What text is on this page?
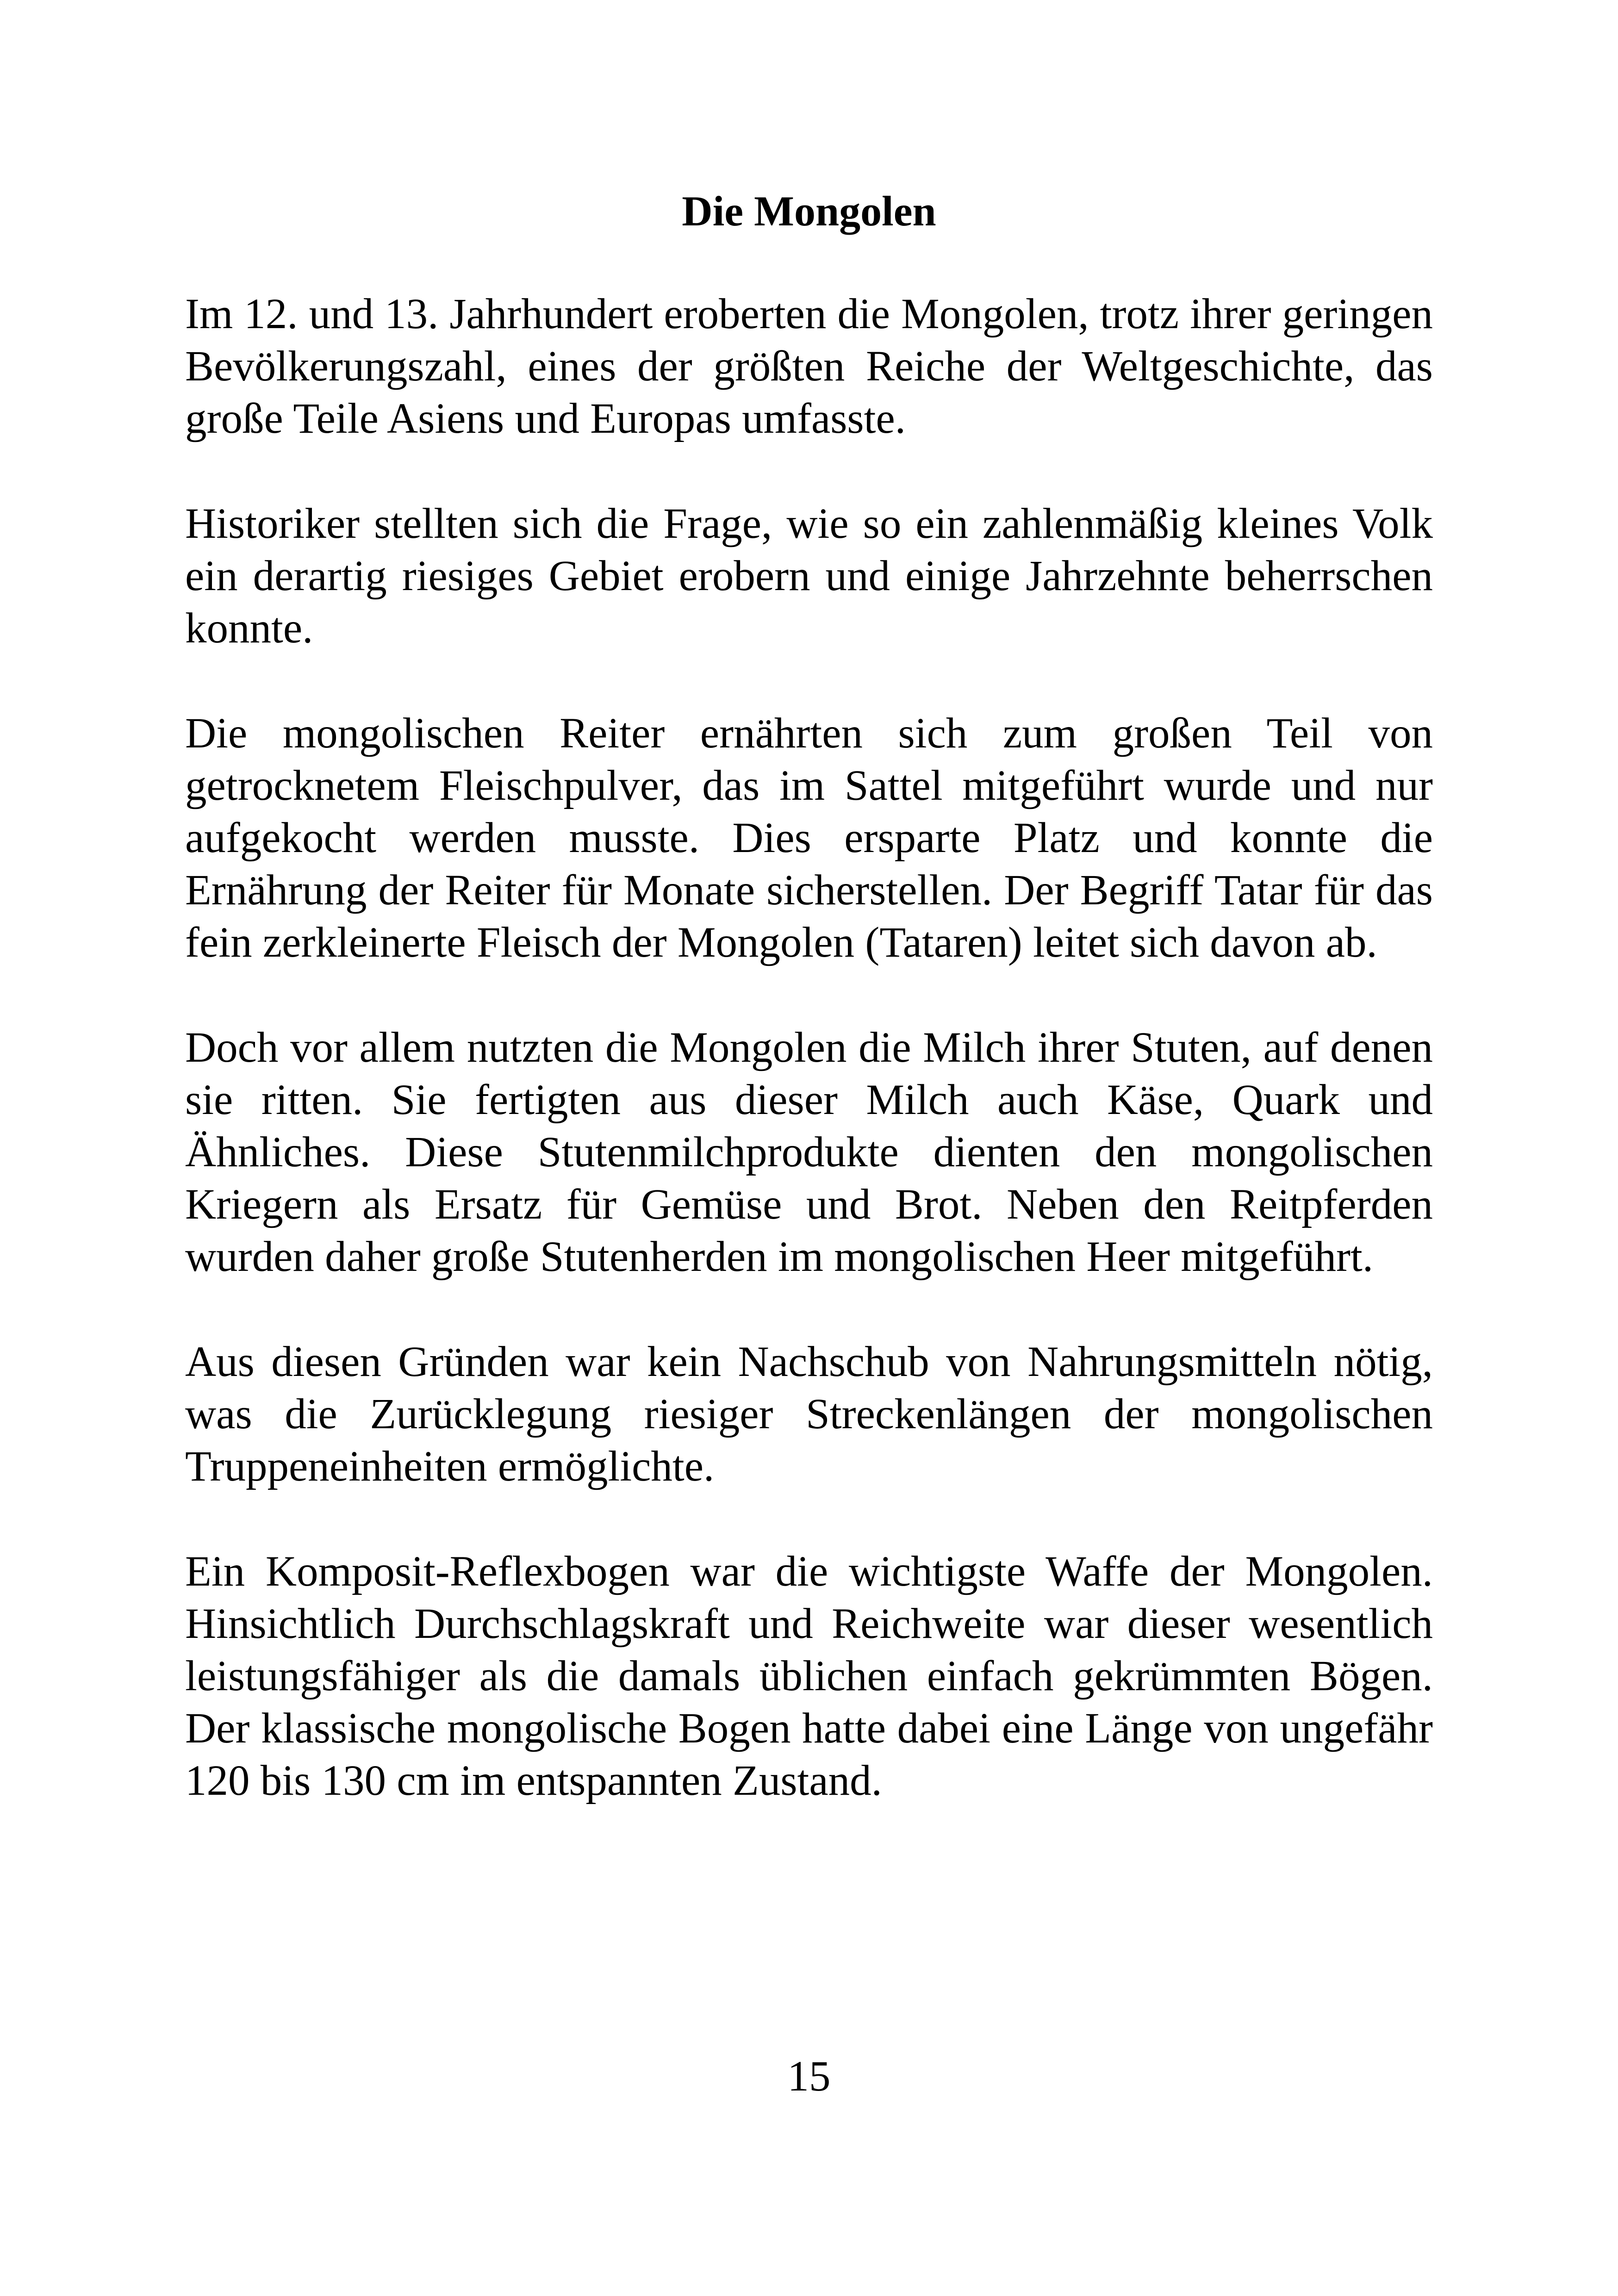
Die Mongolen

Im 12. und 13. Jahrhundert eroberten die Mongolen, trotz ihrer geringen Bevölkerungszahl, eines der größten Reiche der Weltgeschichte, das große Teile Asiens und Europas umfasste.

Historiker stellten sich die Frage, wie so ein zahlenmäßig kleines Volk ein derartig riesiges Gebiet erobern und einige Jahrzehnte beherrschen konnte.

Die mongolischen Reiter ernährten sich zum großen Teil von getrocknetem Fleischpulver, das im Sattel mitgeführt wurde und nur aufgekocht werden musste. Dies ersparte Platz und konnte die Ernährung der Reiter für Monate sicherstellen. Der Begriff Tatar für das fein zerkleinerte Fleisch der Mongolen (Tataren) leitet sich davon ab.

Doch vor allem nutzten die Mongolen die Milch ihrer Stuten, auf denen sie ritten. Sie fertigten aus dieser Milch auch Käse, Quark und Ähnliches. Diese Stutenmilchprodukte dienten den mongolischen Kriegern als Ersatz für Gemüse und Brot. Neben den Reitpferden wurden daher große Stutenherden im mongolischen Heer mitgeführt.

Aus diesen Gründen war kein Nachschub von Nahrungsmitteln nötig, was die Zurücklegung riesiger Streckenlängen der mongolischen Truppeneinheiten ermöglichte.

Ein Komposit-Reflexbogen war die wichtigste Waffe der Mongolen. Hinsichtlich Durchschlagskraft und Reichweite war dieser wesentlich leistungsfähiger als die damals üblichen einfach gekrümmten Bögen. Der klassische mongolische Bogen hatte dabei eine Länge von ungefähr 120 bis 130 cm im entspannten Zustand.

15
